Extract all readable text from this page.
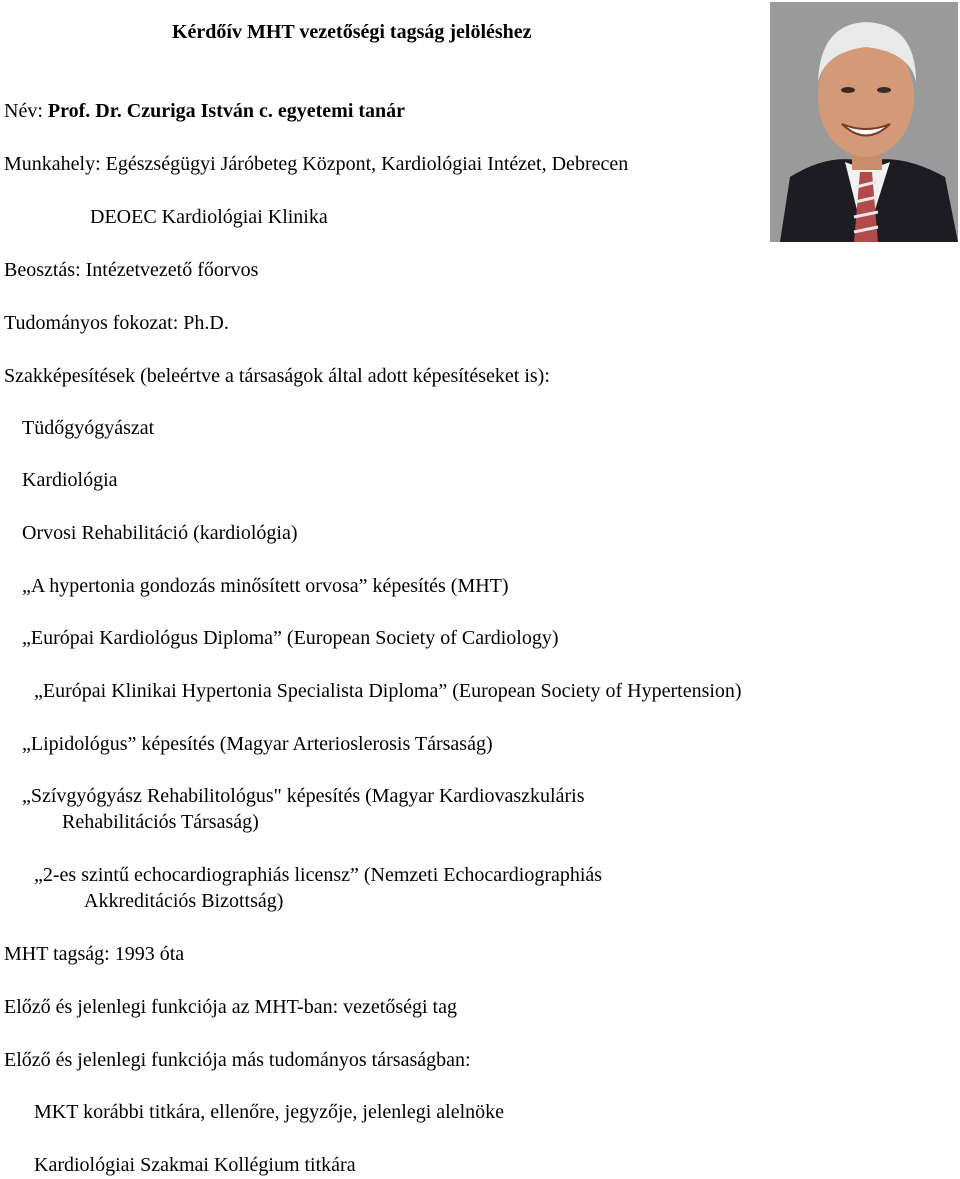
Kérdőív MHT vezetőségi tagság jelöléshez
Név: Prof. Dr. Czuriga István c. egyetemi tanár
Munkahely: Egészségügyi Járóbeteg Központ, Kardiológiai Intézet, Debrecen
DEOEC Kardiológiai Klinika
Beosztás: Intézetvezető főorvos
Tudományos fokozat: Ph.D.
Szakképesítések (beleértve a társaságok által adott képesítéseket is):
Tüdőgyógyászat
Kardiológia
Orvosi Rehabilitáció (kardiológia)
„A hypertonia gondozás minősített orvosa” képesítés (MHT)
„Európai Kardiológus Diploma” (European Society of Cardiology)
„Európai Klinikai Hypertonia Specialista Diploma” (European Society of Hypertension)
„Lipidológus” képesítés (Magyar Arterioslerosis Társaság)
„Szívgyógyász Rehabilitológus" képesítés (Magyar Kardiovaszkuláris
Rehabilitációs Társaság)
„2-es szintű echocardiographiás licensz” (Nemzeti Echocardiographiás
Akkreditációs Bizottság)
MHT tagság: 1993 óta
Előző és jelenlegi funkciója az MHT-ban: vezetőségi tag
Előző és jelenlegi funkciója más tudományos társaságban:
MKT korábbi titkára, ellenőre, jegyzője, jelenlegi alelnöke
Kardiológiai Szakmai Kollégium titkára
